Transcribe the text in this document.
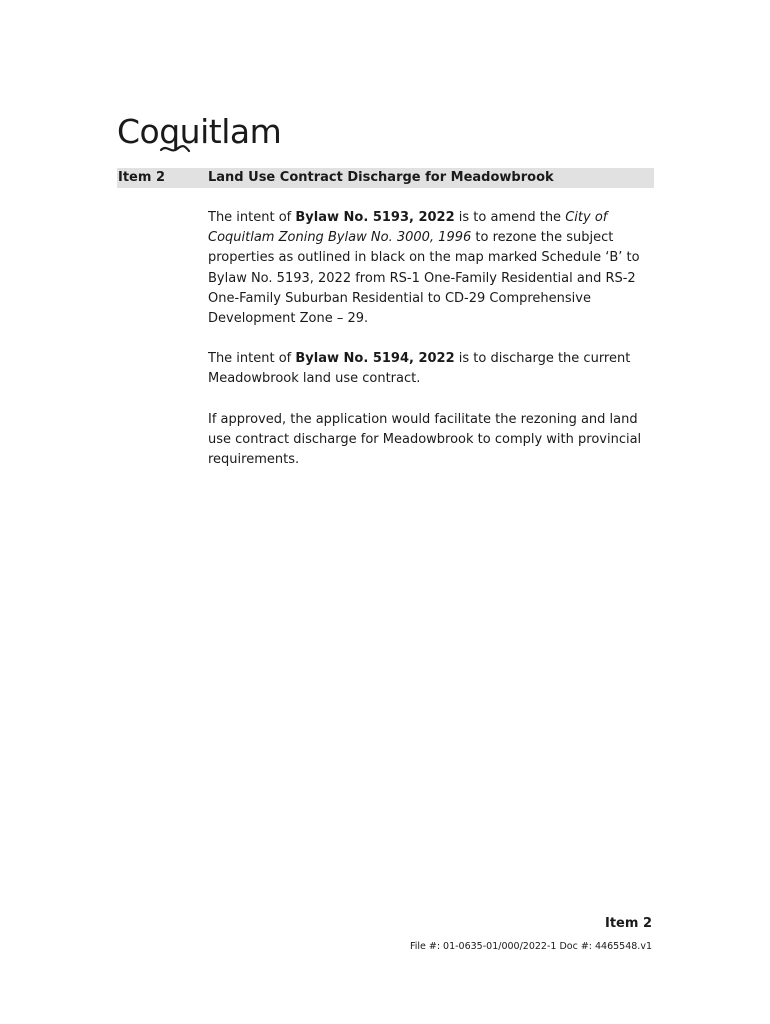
Coquitlam
Item 2	Land Use Contract Discharge for Meadowbrook

The intent of Bylaw No. 5193, 2022 is to amend the City of Coquitlam Zoning Bylaw No. 3000, 1996 to rezone the subject properties as outlined in black on the map marked Schedule ‘B’ to Bylaw No. 5193, 2022 from RS-1 One-Family Residential and RS-2 One-Family Suburban Residential to CD-29 Comprehensive Development Zone – 29.

The intent of Bylaw No. 5194, 2022 is to discharge the current Meadowbrook land use contract.

If approved, the application would facilitate the rezoning and land use contract discharge for Meadowbrook to comply with provincial requirements.

Item 2
File #: 01-0635-01/000/2022-1 Doc #: 4465548.v1
